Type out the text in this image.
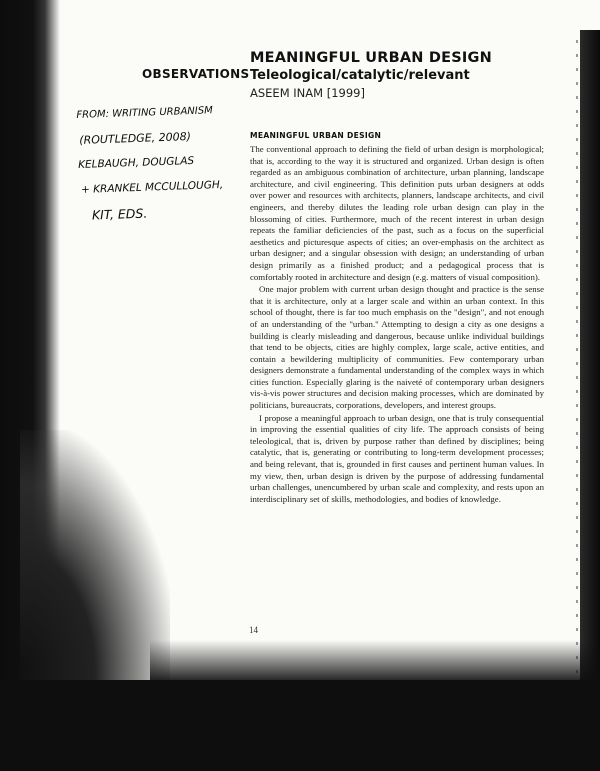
OBSERVATIONS
MEANINGFUL URBAN DESIGN
Teleological/catalytic/relevant
ASEEM INAM [1999]
FROM: WRITING URBANISM
(ROUTLEDGE, 2008)
KELBAUGH, DOUGLAS
+ KRANKEL MCCULLOUGH,
KIT, EDS.
MEANINGFUL URBAN DESIGN

The conventional approach to defining the field of urban design is morphological; that is, according to the way it is structured and organized. Urban design is often regarded as an ambiguous combination of architecture, urban planning, landscape architecture, and civil engineering. This definition puts urban designers at odds over power and resources with architects, planners, landscape architects, and civil engineers, and thereby dilutes the leading role urban design can play in the blossoming of cities. Furthermore, much of the recent interest in urban design repeats the familiar deficiencies of the past, such as a focus on the superficial aesthetics and picturesque aspects of cities; an over-emphasis on the architect as urban designer; and a singular obsession with design; an understanding of urban design primarily as a finished product; and a pedagogical process that is comfortably rooted in architecture and design (e.g. matters of visual composition).

One major problem with current urban design thought and practice is the sense that it is architecture, only at a larger scale and within an urban context. In this school of thought, there is far too much emphasis on the "design", and not enough of an understanding of the "urban." Attempting to design a city as one designs a building is clearly misleading and dangerous, because unlike individual buildings that tend to be objects, cities are highly complex, large scale, active entities, and contain a bewildering multiplicity of communities. Few contemporary urban designers demonstrate a fundamental understanding of the complex ways in which cities function. Especially glaring is the naiveté of contemporary urban designers vis-à-vis power structures and decision making processes, which are dominated by politicians, bureaucrats, corporations, developers, and interest groups.

I propose a meaningful approach to urban design, one that is truly consequential in improving the essential qualities of city life. The approach consists of being teleological, that is, driven by purpose rather than defined by disciplines; being catalytic, that is, generating or contributing to long-term development processes; and being relevant, that is, grounded in first causes and pertinent human values. In my view, then, urban design is driven by the purpose of addressing fundamental urban challenges, unencumbered by urban scale and complexity, and rests upon an interdisciplinary set of skills, methodologies, and bodies of knowledge.

14
